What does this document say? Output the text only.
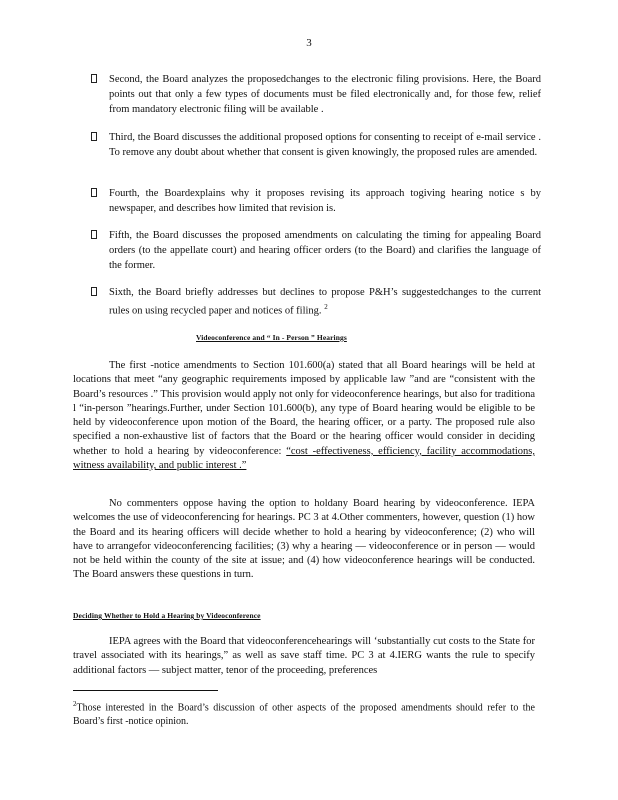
3
Second, the Board analyzes the proposedchanges to the electronic filing provisions. Here, the Board points out that only a few types of documents must be filed electronically and, for those few, relief from mandatory electronic filing will be available .
Third, the Board discusses the additional proposed options for consenting to receipt of e-mail service . To remove any doubt about whether that consent is given knowingly, the proposed rules are amended.
Fourth, the Boardexplains why it proposes revising its approach togiving hearing notice s by newspaper, and describes how limited that revision is.
Fifth, the Board discusses the proposed amendments on calculating the timing for appealing Board orders (to the appellate court) and hearing officer orders (to the Board) and clarifies the language of the former.
Sixth, the Board briefly addresses but declines to propose P&H’s suggestedchanges to the current rules on using recycled paper and notices of filing. $^2$
Videoconference and “ In - Person ” Hearings

The first -notice amendments to Section 101.600(a) stated that all Board hearings will be held at locations that meet “any geographic requirements imposed by applicable law ”and are “consistent with the Board’s resources .” This provision would apply not only for videoconference hearings, but also for traditiona l “in-person ”hearings.Further, under Section 101.600(b), any type of Board hearing would be eligible to be held by videoconference upon motion of the Board, the hearing officer, or a party. The proposed rule also specified a non-exhaustive list of factors that the Board or the hearing officer would consider in deciding whether to hold a hearing by videoconference: “cost -effectiveness, efficiency, facility accommodations, witness availability, and public interest .”

No commenters oppose having the option to holdany Board hearing by videoconference. IEPA welcomes the use of videoconferencing for hearings. PC 3 at 4.Other commenters, however, question (1) how the Board and its hearing officers will decide whether to hold a hearing by videoconference; (2) who will have to arrangefor videoconferencing facilities; (3) why a hearing — videoconference or in person — would not be held within the county of the site at issue; and (4) how videoconference hearings will be conducted. The Board answers these questions in turn.

Deciding Whether to Hold a Hearing by Videoconference

IEPA agrees with the Board that videoconferencehearings will ‘substantially cut costs to the State for travel associated with its hearings,” as well as save staff time. PC 3 at 4.IERG wants the rule to specify additional factors — subject matter, tenor of the proceeding, preferences

$^2$Those interested in the Board’s discussion of other aspects of the proposed amendments should refer to the Board’s first -notice opinion.
